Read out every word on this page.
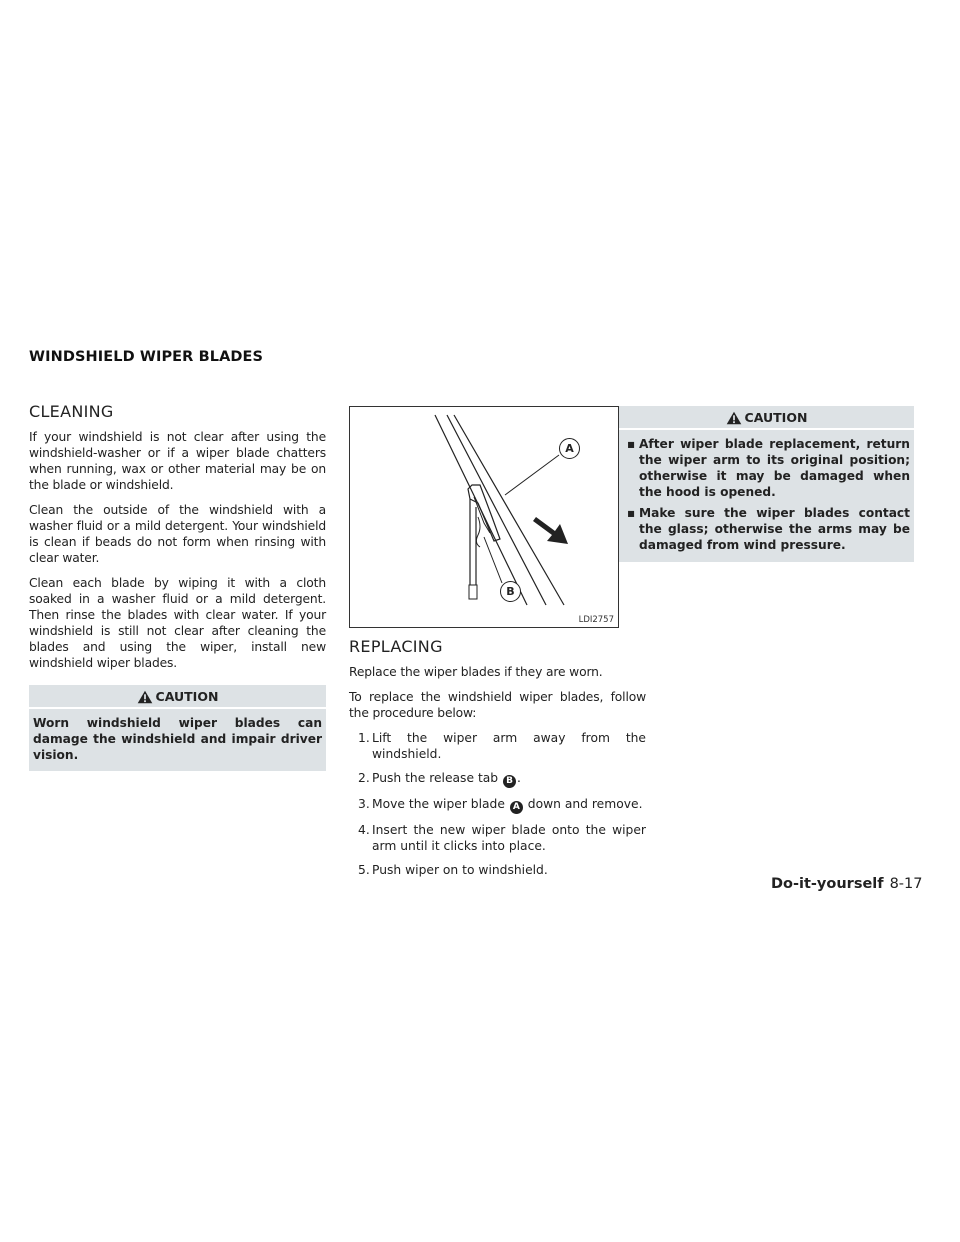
WINDSHIELD WIPER BLADES
CLEANING

If your windshield is not clear after using the windshield-washer or if a wiper blade chatters when running, wax or other material may be on the blade or windshield.

Clean the outside of the windshield with a washer fluid or a mild detergent. Your windshield is clean if beads do not form when rinsing with clear water.

Clean each blade by wiping it with a cloth soaked in a washer fluid or a mild detergent. Then rinse the blades with clear water. If your windshield is still not clear after cleaning the blades and using the wiper, install new windshield wiper blades.

CAUTION
Worn windshield wiper blades can damage the windshield and impair driver vision.
A
B
LDI2757
REPLACING

Replace the wiper blades if they are worn.

To replace the windshield wiper blades, follow the procedure below:

1. Lift the wiper arm away from the windshield.
2. Push the release tab B .
3. Move the wiper blade A down and remove.
4. Insert the new wiper blade onto the wiper arm until it clicks into place.
5. Push wiper on to windshield.
CAUTION
▪ After wiper blade replacement, return the wiper arm to its original position; otherwise it may be damaged when the hood is opened.
▪ Make sure the wiper blades contact the glass; otherwise the arms may be damaged from wind pressure.
Do-it-yourself 8-17
